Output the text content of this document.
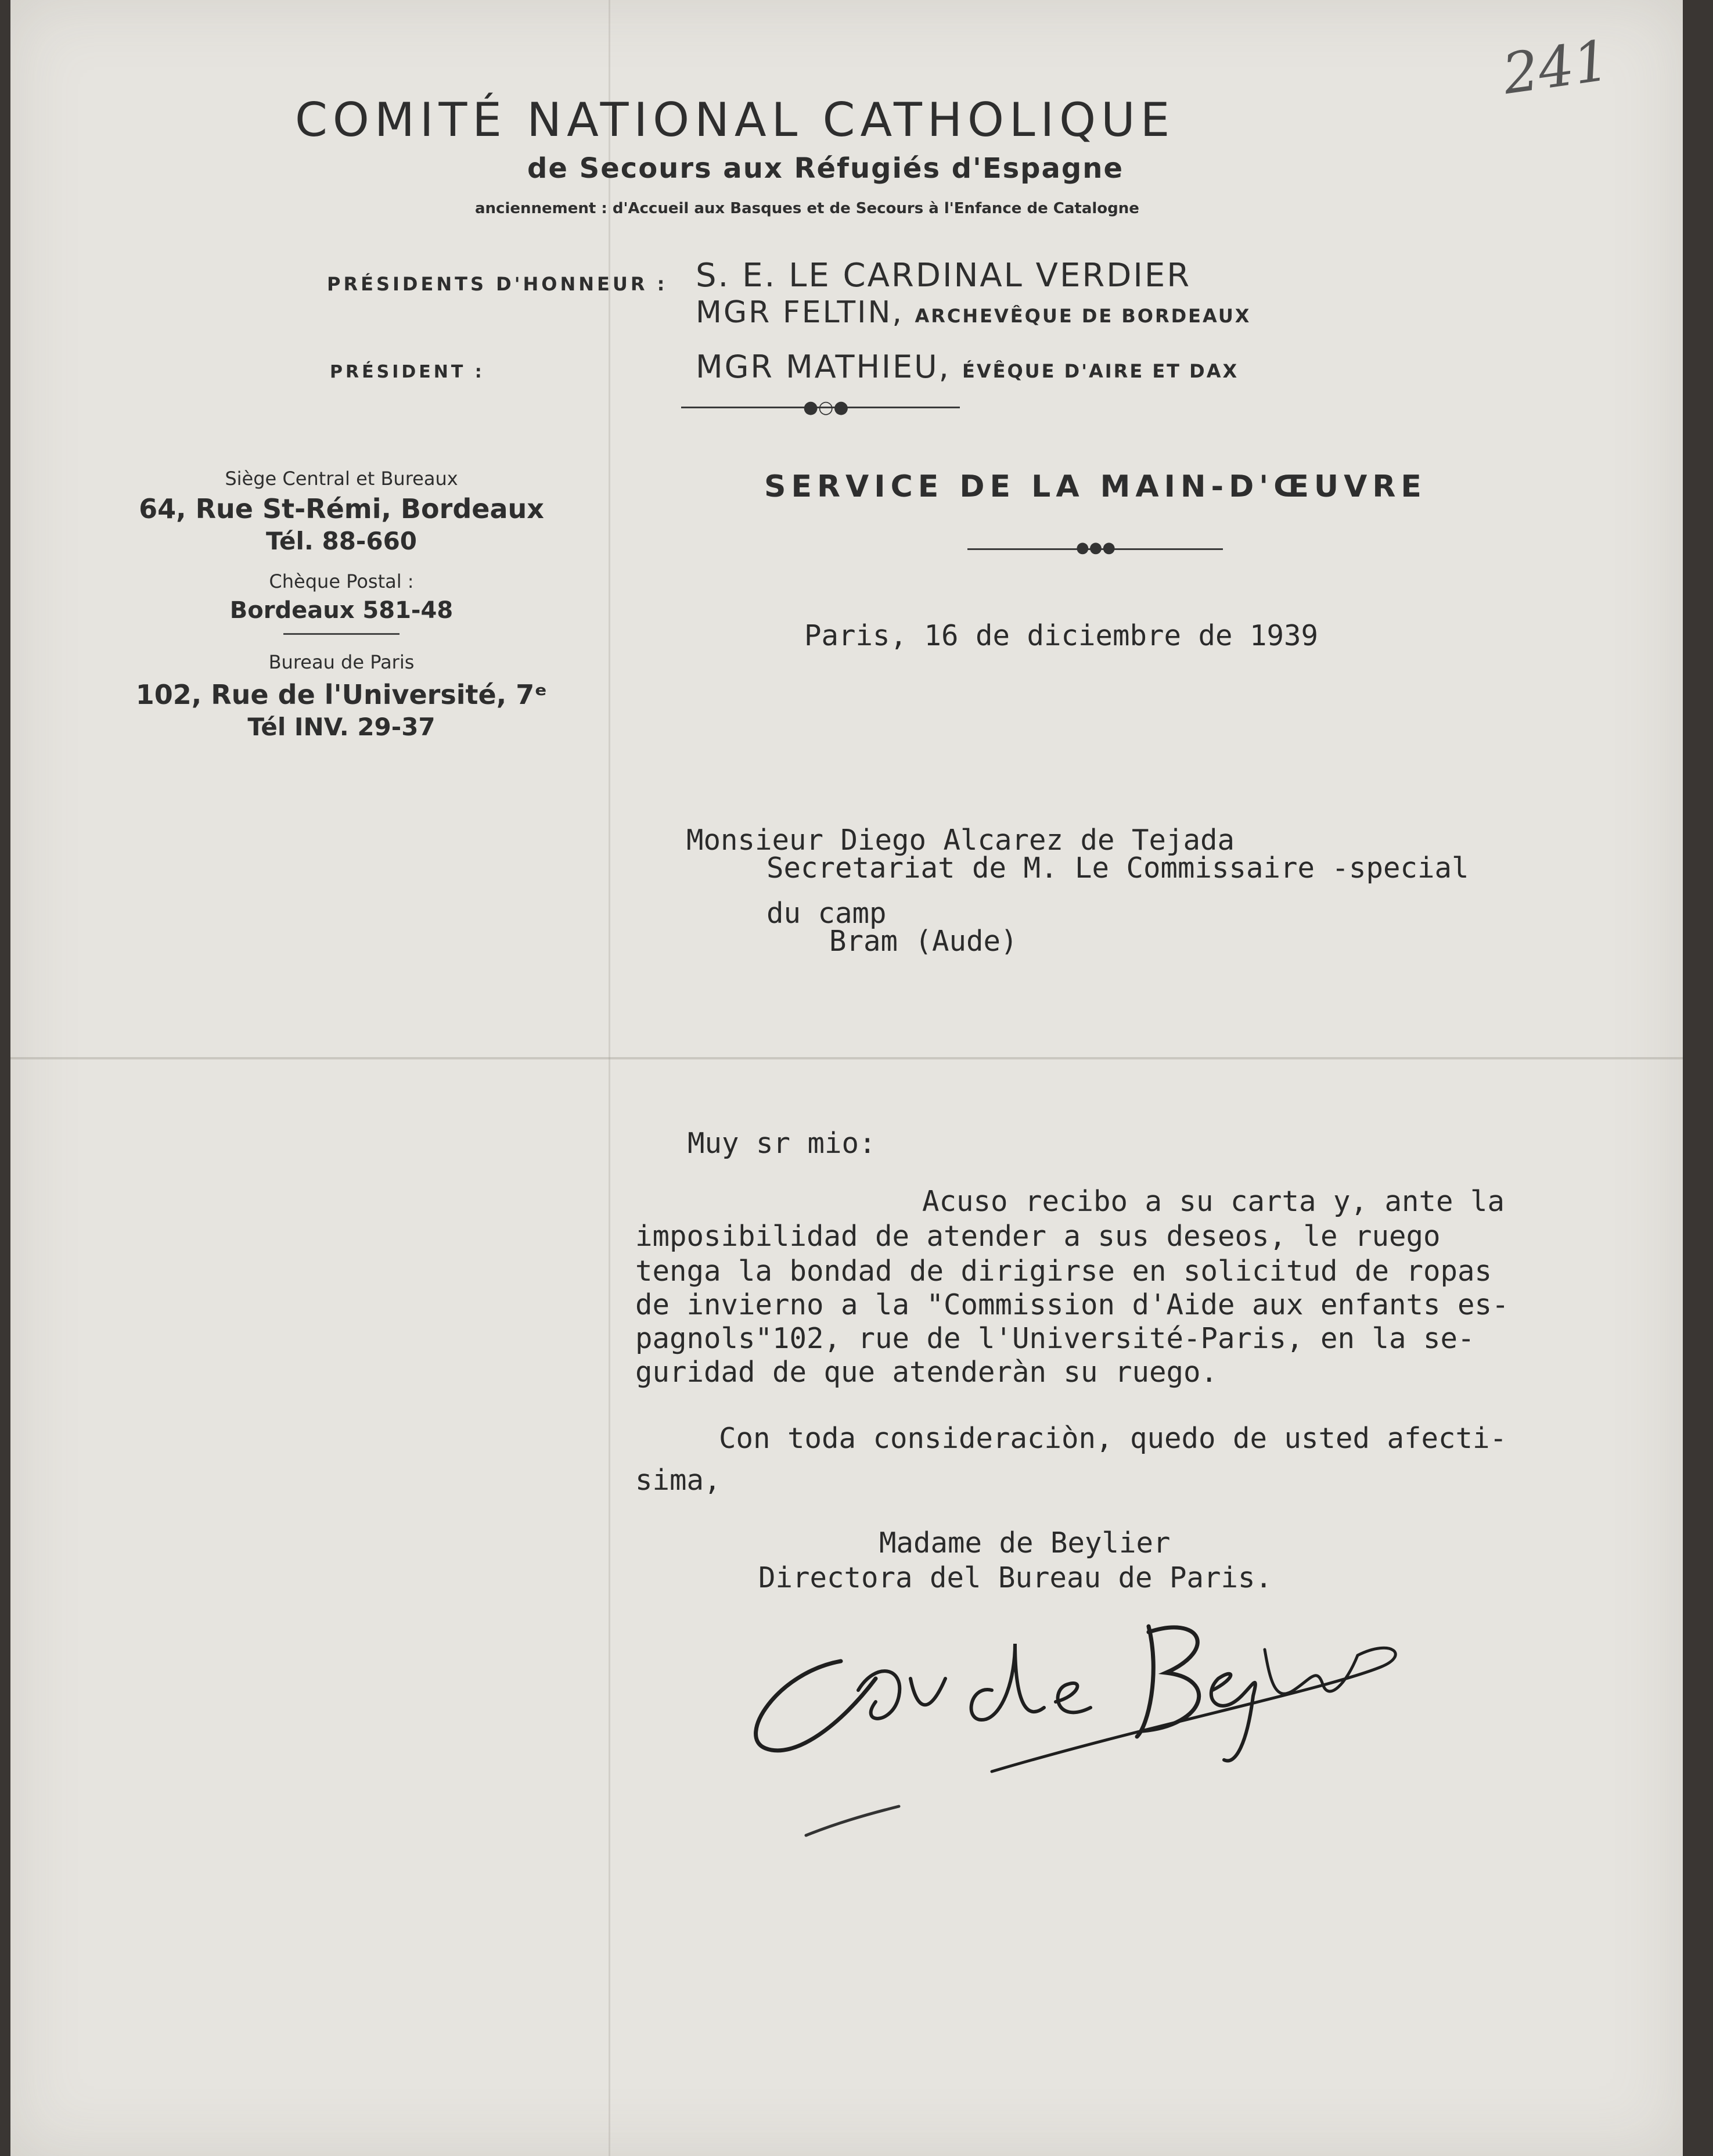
241
COMITÉ NATIONAL CATHOLIQUE
de Secours aux Réfugiés d'Espagne
anciennement : d'Accueil aux Basques et de Secours à l'Enfance de Catalogne
PRÉSIDENTS D'HONNEUR : S. E. LE CARDINAL VERDIER
MGR FELTIN, ARCHEVÊQUE DE BORDEAUX
PRÉSIDENT :	MGR MATHIEU, ÉVÊQUE D'AIRE ET DAX
●○●
Siège Central et Bureaux
64, Rue St-Rémi, Bordeaux
Tél. 88-660
Chèque Postal :
Bordeaux 581-48
Bureau de Paris
102, Rue de l'Université, 7ᵉ
Tél INV. 29-37
SERVICE DE LA MAIN-D'ŒUVRE
●●●
Paris, 16 de diciembre de 1939
Monsieur Diego Alcarez de Tejada
Secretariat de M. Le Commissaire -special
du camp
Bram (Aude)
Muy sr mio:
Acuso recibo a su carta y, ante la
imposibilidad de atender a sus deseos, le ruego
tenga la bondad de dirigirse en solicitud de ropas
de invierno a la "Commission d'Aide aux enfants es-
pagnols"102, rue de l'Université-Paris, en la se-
guridad de que atenderàn su ruego.
Con toda consideraciòn, quedo de usted afecti-
sima,
Madame de Beylier
Directora del Bureau de Paris.
